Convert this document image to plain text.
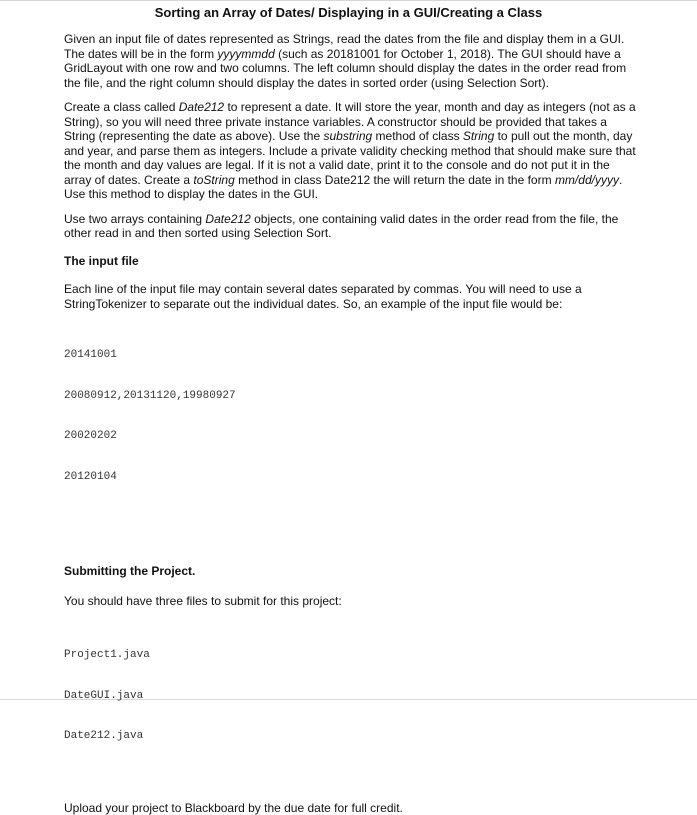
Sorting an Array of Dates/ Displaying in a GUI/Creating a Class

Given an input file of dates represented as Strings, read the dates from the file and display them in a GUI. The dates will be in the form yyyymmdd (such as 20181001 for October 1, 2018). The GUI should have a GridLayout with one row and two columns. The left column should display the dates in the order read from the file, and the right column should display the dates in sorted order (using Selection Sort).

Create a class called Date212 to represent a date. It will store the year, month and day as integers (not as a String), so you will need three private instance variables. A constructor should be provided that takes a String (representing the date as above). Use the substring method of class String to pull out the month, day and year, and parse them as integers. Include a private validity checking method that should make sure that the month and day values are legal. If it is not a valid date, print it to the console and do not put it in the array of dates. Create a toString method in class Date212 the will return the date in the form mm/dd/yyyy. Use this method to display the dates in the GUI.

Use two arrays containing Date212 objects, one containing valid dates in the order read from the file, the other read in and then sorted using Selection Sort.

The input file

Each line of the input file may contain several dates separated by commas. You will need to use a StringTokenizer to separate out the individual dates. So, an example of the input file would be:

20141001

20080912,20131120,19980927

20020202

20120104

Submitting the Project.

You should have three files to submit for this project:

Project1.java

DateGUI.java

Date212.java

Upload your project to Blackboard by the due date for full credit.
